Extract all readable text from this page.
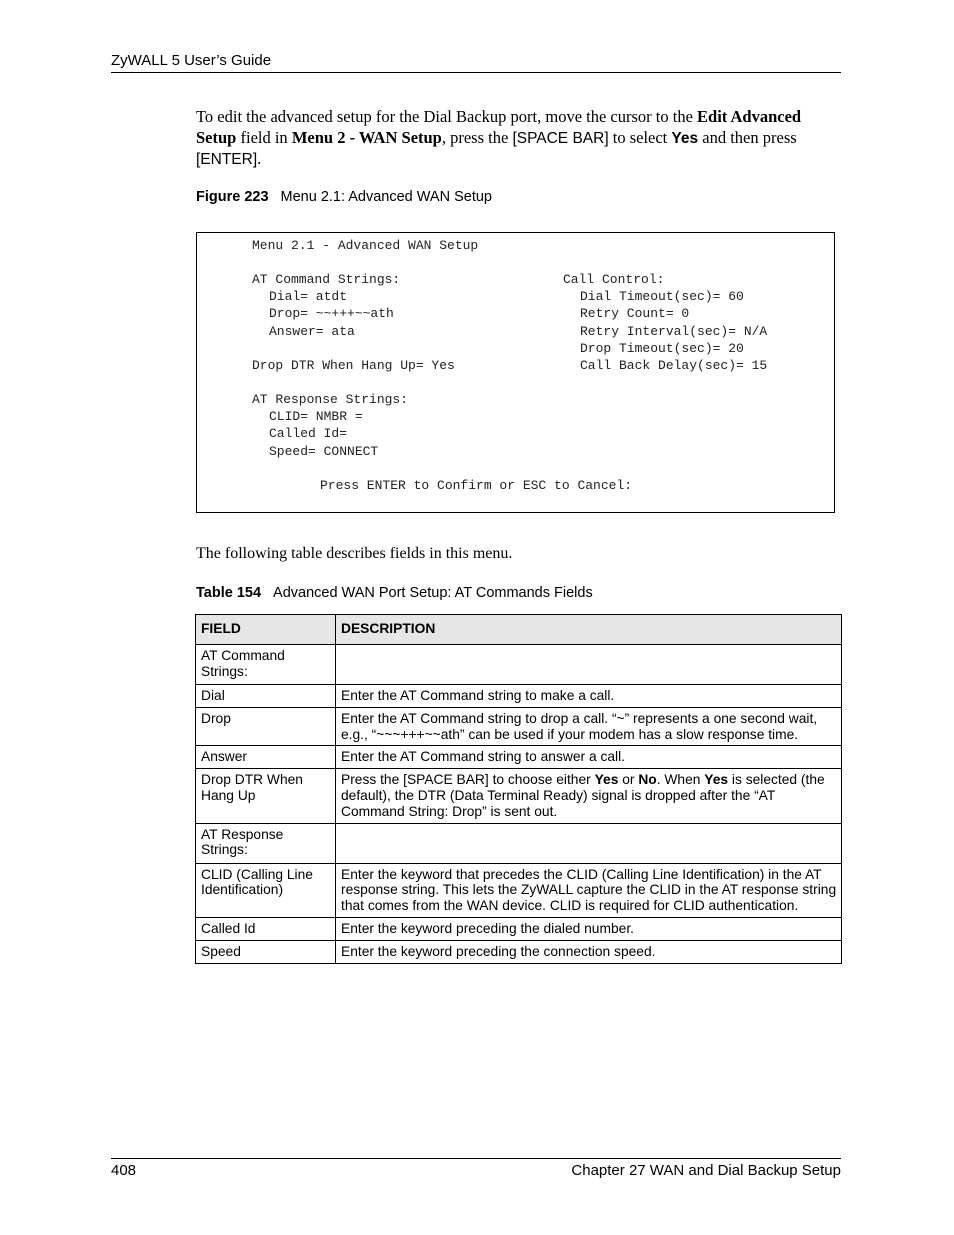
ZyWALL 5 User’s Guide

To edit the advanced setup for the Dial Backup port, move the cursor to the Edit Advanced Setup field in Menu 2 - WAN Setup, press the [SPACE BAR] to select Yes and then press [ENTER].

Figure 223 Menu 2.1: Advanced WAN Setup
Menu 2.1 - Advanced WAN Setup
AT Command Strings:
Dial= atdt
Drop= ~~+++~~ath
Answer= ata
Drop DTR When Hang Up= Yes
AT Response Strings:
CLID= NMBR =
Called Id=
Speed= CONNECT
Call Control:
Dial Timeout(sec)= 60
Retry Count= 0
Retry Interval(sec)= N/A
Drop Timeout(sec)= 20
Call Back Delay(sec)= 15
Press ENTER to Confirm or ESC to Cancel:
The following table describes fields in this menu.
Table 154 Advanced WAN Port Setup: AT Commands Fields
FIELD	DESCRIPTION
AT Command Strings:	
Dial	Enter the AT Command string to make a call.
Drop	Enter the AT Command string to drop a call. “~” represents a one second wait, e.g., “~~~+++~~ath” can be used if your modem has a slow response time.
Answer	Enter the AT Command string to answer a call.
Drop DTR When Hang Up	Press the [SPACE BAR] to choose either Yes or No. When Yes is selected (the default), the DTR (Data Terminal Ready) signal is dropped after the “AT Command String: Drop” is sent out.
AT Response Strings:	
CLID (Calling Line Identification)	Enter the keyword that precedes the CLID (Calling Line Identification) in the AT response string. This lets the ZyWALL capture the CLID in the AT response string that comes from the WAN device. CLID is required for CLID authentication.
Called Id	Enter the keyword preceding the dialed number.
Speed	Enter the keyword preceding the connection speed.
408	Chapter 27 WAN and Dial Backup Setup
